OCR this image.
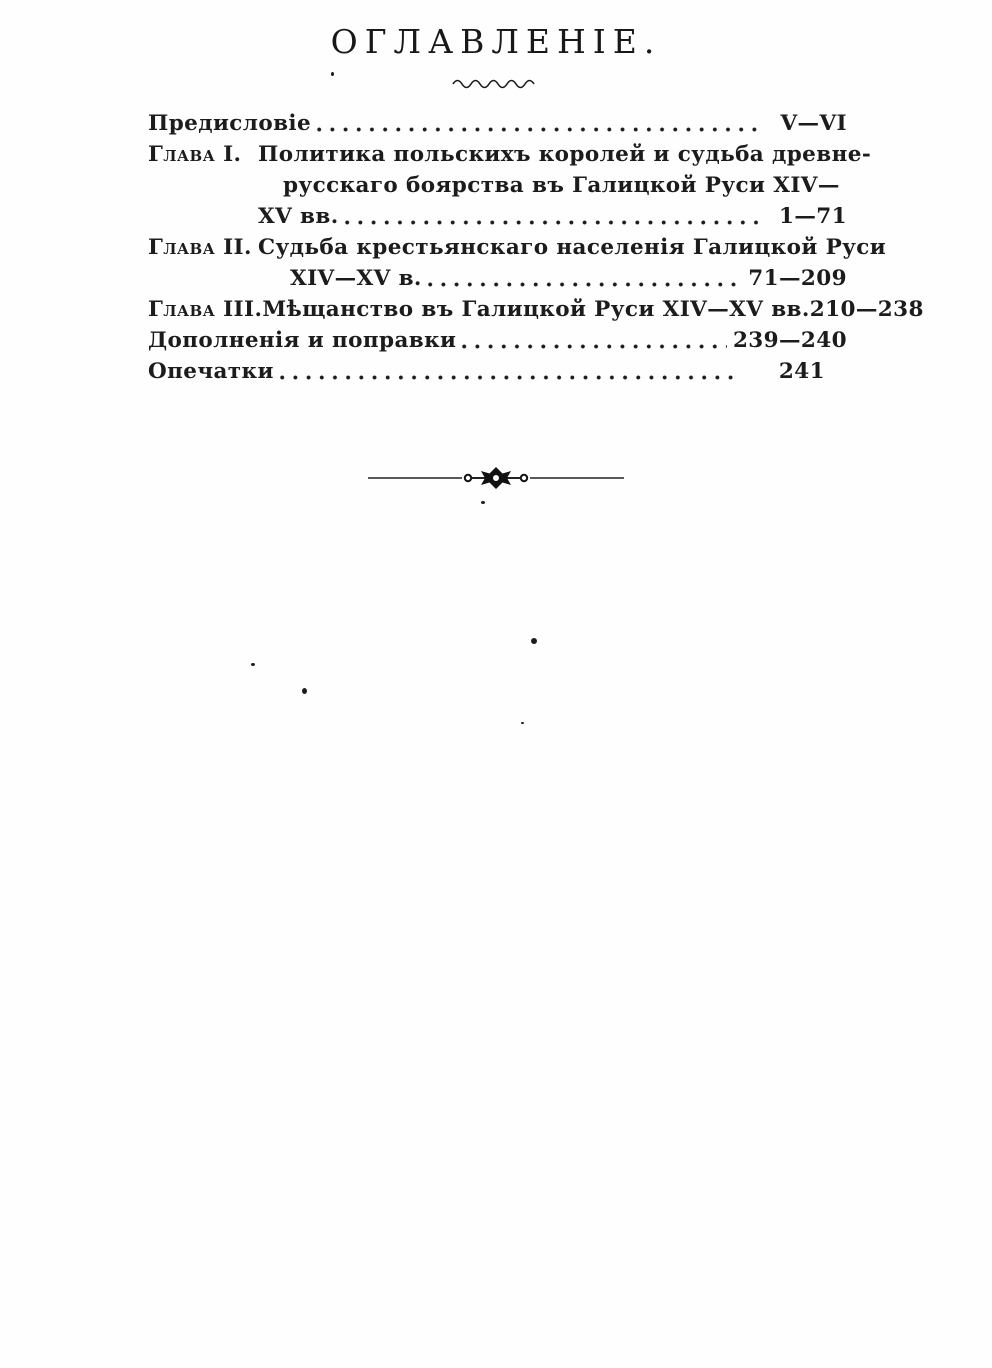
ОГЛАВЛЕНІЕ.
Предисловіе	V—VI
Глава I. Политика польскихъ королей и судьба древне-
русскаго боярства въ Галицкой Руси XIV—
XV вв.	1—71
Глава II. Судьба крестьянскаго населенія Галицкой Руси
XIV—XV в.	71—209
Глава III. Мѣщанство въ Галицкой Руси XIV—XV вв. 210—238
Дополненія и поправки	239—240
Опечатки	241
